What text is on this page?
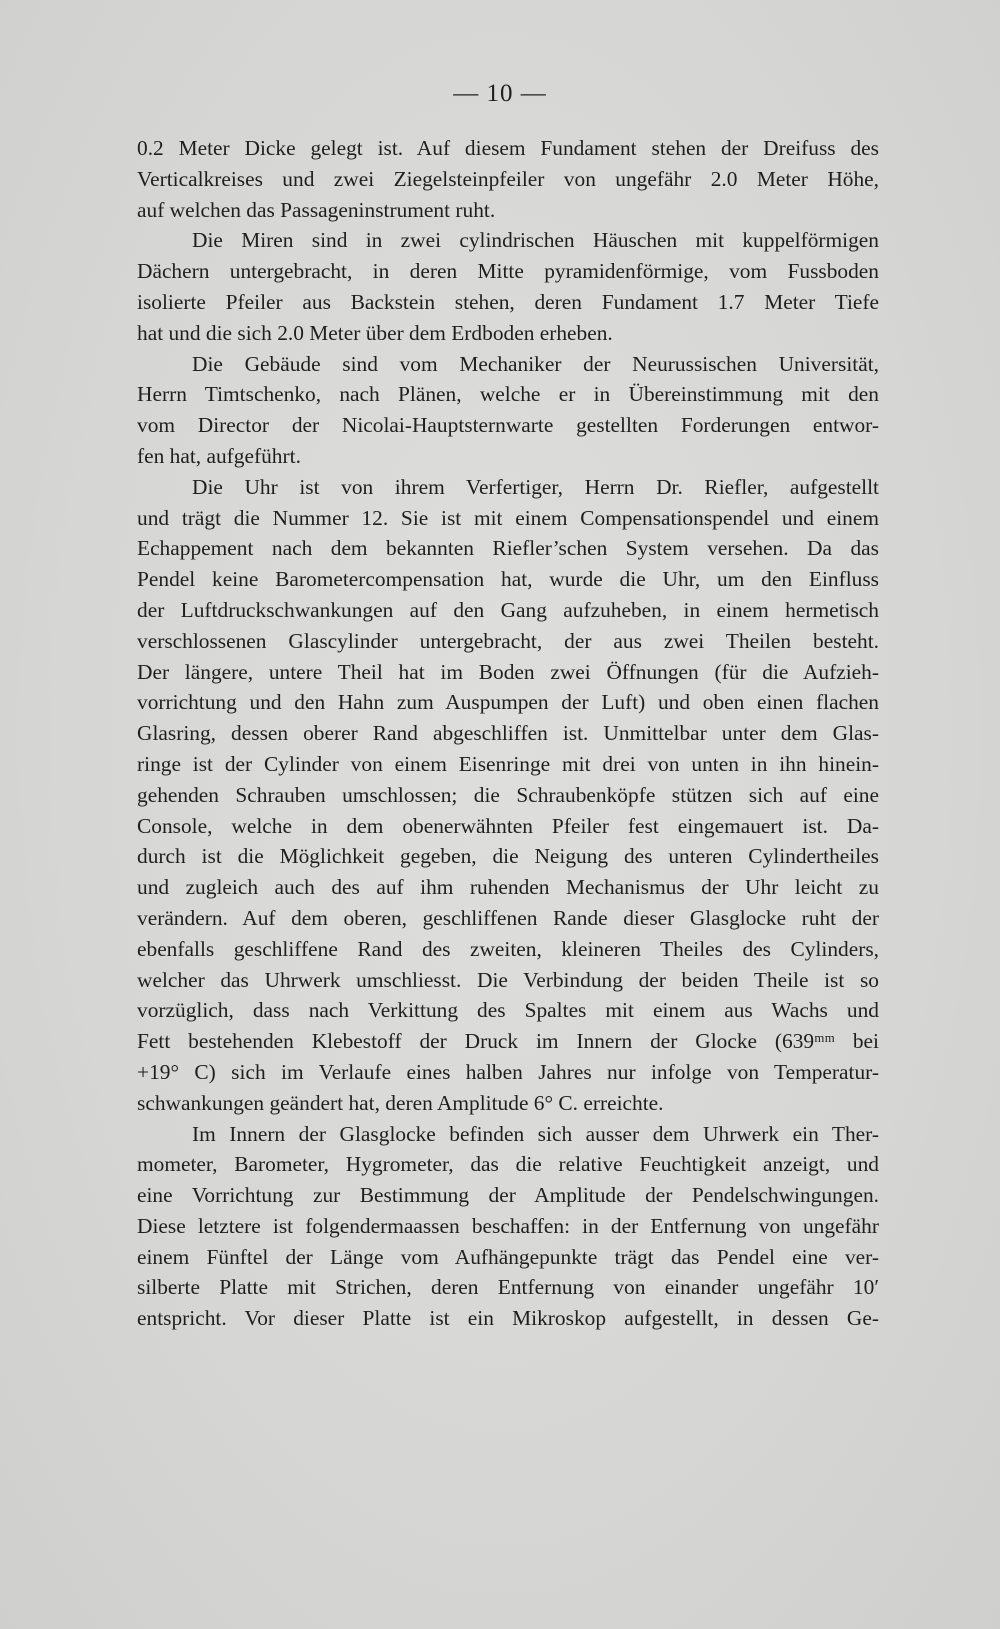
— 10 —

0.2 Meter Dicke gelegt ist. Auf diesem Fundament stehen der Dreifuss des
Verticalkreises und zwei Ziegelsteinpfeiler von ungefähr 2.0 Meter Höhe,
auf welchen das Passageninstrument ruht.

Die Miren sind in zwei cylindrischen Häuschen mit kuppelförmigen
Dächern untergebracht, in deren Mitte pyramidenförmige, vom Fussboden
isolierte Pfeiler aus Backstein stehen, deren Fundament 1.7 Meter Tiefe
hat und die sich 2.0 Meter über dem Erdboden erheben.

Die Gebäude sind vom Mechaniker der Neurussischen Universität,
Herrn Timtschenko, nach Plänen, welche er in Übereinstimmung mit den
vom Director der Nicolai-Hauptsternwarte gestellten Forderungen entwor-
fen hat, aufgeführt.

Die Uhr ist von ihrem Verfertiger, Herrn Dr. Riefler, aufgestellt
und trägt die Nummer 12. Sie ist mit einem Compensationspendel und einem
Echappement nach dem bekannten Riefler’schen System versehen. Da das
Pendel keine Barometercompensation hat, wurde die Uhr, um den Einfluss
der Luftdruckschwankungen auf den Gang aufzuheben, in einem hermetisch
verschlossenen Glascylinder untergebracht, der aus zwei Theilen besteht.
Der längere, untere Theil hat im Boden zwei Öffnungen (für die Aufzieh-
vorrichtung und den Hahn zum Auspumpen der Luft) und oben einen flachen
Glasring, dessen oberer Rand abgeschliffen ist. Unmittelbar unter dem Glas-
ringe ist der Cylinder von einem Eisenringe mit drei von unten in ihn hinein-
gehenden Schrauben umschlossen; die Schraubenköpfe stützen sich auf eine
Console, welche in dem obenerwähnten Pfeiler fest eingemauert ist. Da-
durch ist die Möglichkeit gegeben, die Neigung des unteren Cylindertheiles
und zugleich auch des auf ihm ruhenden Mechanismus der Uhr leicht zu
verändern. Auf dem oberen, geschliffenen Rande dieser Glasglocke ruht der
ebenfalls geschliffene Rand des zweiten, kleineren Theiles des Cylinders,
welcher das Uhrwerk umschliesst. Die Verbindung der beiden Theile ist so
vorzüglich, dass nach Verkittung des Spaltes mit einem aus Wachs und
Fett bestehenden Klebestoff der Druck im Innern der Glocke (639ᵐᵐ bei
+19° C) sich im Verlaufe eines halben Jahres nur infolge von Temperatur-
schwankungen geändert hat, deren Amplitude 6° C. erreichte.

Im Innern der Glasglocke befinden sich ausser dem Uhrwerk ein Ther-
mometer, Barometer, Hygrometer, das die relative Feuchtigkeit anzeigt, und
eine Vorrichtung zur Bestimmung der Amplitude der Pendelschwingungen.
Diese letztere ist folgendermaassen beschaffen: in der Entfernung von ungefähr
einem Fünftel der Länge vom Aufhängepunkte trägt das Pendel eine ver-
silberte Platte mit Strichen, deren Entfernung von einander ungefähr 10′
entspricht. Vor dieser Platte ist ein Mikroskop aufgestellt, in dessen Ge-
